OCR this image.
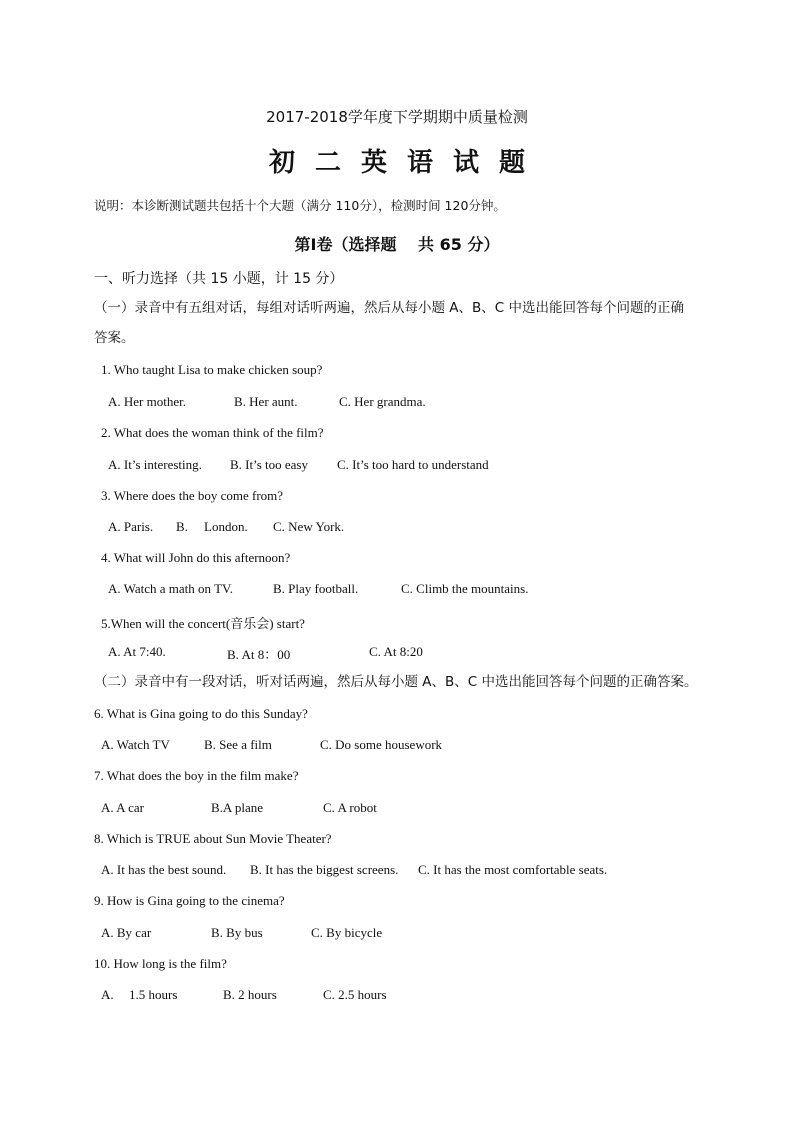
2017-2018学年度下学期期中质量检测
初二英语试题
说明：本诊断测试题共包括十个大题（满分 110分），检测时间 120分钟。
第Ⅰ卷（选择题　 共 65 分）
一、听力选择（共 15 小题，计 15 分）
（一）录音中有五组对话，每组对话听两遍，然后从每小题 A、B、C 中选出能回答每个问题的正确
答案。
1. Who taught Lisa to make chicken soup?
A. Her mother.	B. Her aunt.	C. Her grandma.
2. What does the woman think of the film?
A. It’s interesting. B. It’s too easy C. It’s too hard to understand
3. Where does the boy come from?
A. Paris. B. London. C. New York.
4. What will John do this afternoon?
A. Watch a math on TV.	B. Play football.	C. Climb the mountains.
5.When will the concert(音乐会) start?
A. At 7:40.	B. At 8：00	C. At 8:20
（二）录音中有一段对话，听对话两遍，然后从每小题 A、B、C 中选出能回答每个问题的正确答案。
6. What is Gina going to do this Sunday?
A. Watch TV	B. See a film	C. Do some housework
7. What does the boy in the film make?
A. A car	B.A plane	C. A robot
8. Which is TRUE about Sun Movie Theater?
A. It has the best sound. B. It has the biggest screens. C. It has the most comfortable seats.
9. How is Gina going to the cinema?
A. By car	B. By bus	C. By bicycle
10. How long is the film?
A. 1.5 hours	B. 2 hours	C. 2.5 hours
